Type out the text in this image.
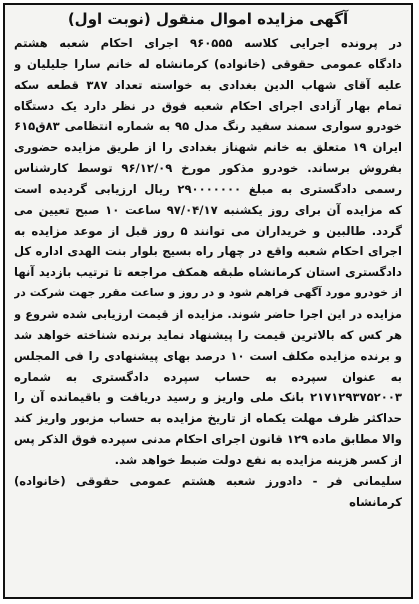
آگهی مزایده اموال منقول (نوبت اول)
در پرونده اجرایی کلاسه ۹۶۰۵۵۵ اجرای احکام شعبه هشتم
دادگاه عمومی حقوقی (خانواده) کرمانشاه له خانم سارا جلیلیان و
علیه آقای شهاب الدین بغدادی به خواسته تعداد ۳۸۷ قطعه سکه
تمام بهار آزادی اجرای احکام شعبه فوق در نظر دارد یک دستگاه
خودرو سواری سمند سفید رنگ مدل ۹۵ به شماره انتظامی ۸۳ق۶۱۵
ایران ۱۹ متعلق به خانم شهناز بغدادی را از طریق مزایده حضوری
بفروش برساند. خودرو مذکور مورخ ۹۶/۱۲/۰۹ توسط کارشناس
رسمی دادگستری به مبلغ ۲۹۰۰۰۰۰۰۰ ریال ارزیابی گردیده است
که مزایده آن برای روز یکشنبه ۹۷/۰۴/۱۷ ساعت ۱۰ صبح تعیین می
گردد. طالبین و خریداران می توانند ۵ روز قبل از موعد مزایده به
اجرای احکام شعبه واقع در چهار راه بسیج بلوار بنت الهدی اداره کل
دادگستری استان کرمانشاه طبقه همکف مراجعه تا ترتیب بازدید آنها
از خودرو مورد آگهی فراهم شود و در روز و ساعت مقرر جهت شرکت در
مزایده در این اجرا حاضر شوند. مزایده از قیمت ارزیابی شده شروع و
هر کس که بالاترین قیمت را پیشنهاد نماید برنده شناخته خواهد شد
و برنده مزایده مکلف است ۱۰ درصد بهای پیشنهادی را فی المجلس
به عنوان سپرده به حساب سپرده دادگستری به شماره
۲۱۷۱۲۹۳۷۵۲۰۰۳ بانک ملی واریز و رسید دریافت و باقیمانده آن را
حداکثر ظرف مهلت یکماه از تاریخ مزایده به حساب مزبور واریز کند
والا مطابق ماده ۱۲۹ قانون اجرای احکام مدنی سپرده فوق الذکر پس
از کسر هزینه مزایده به نفع دولت ضبط خواهد شد.
سلیمانی فر - دادورز شعبه هشتم عمومی حقوقی (خانواده)
کرمانشاه
